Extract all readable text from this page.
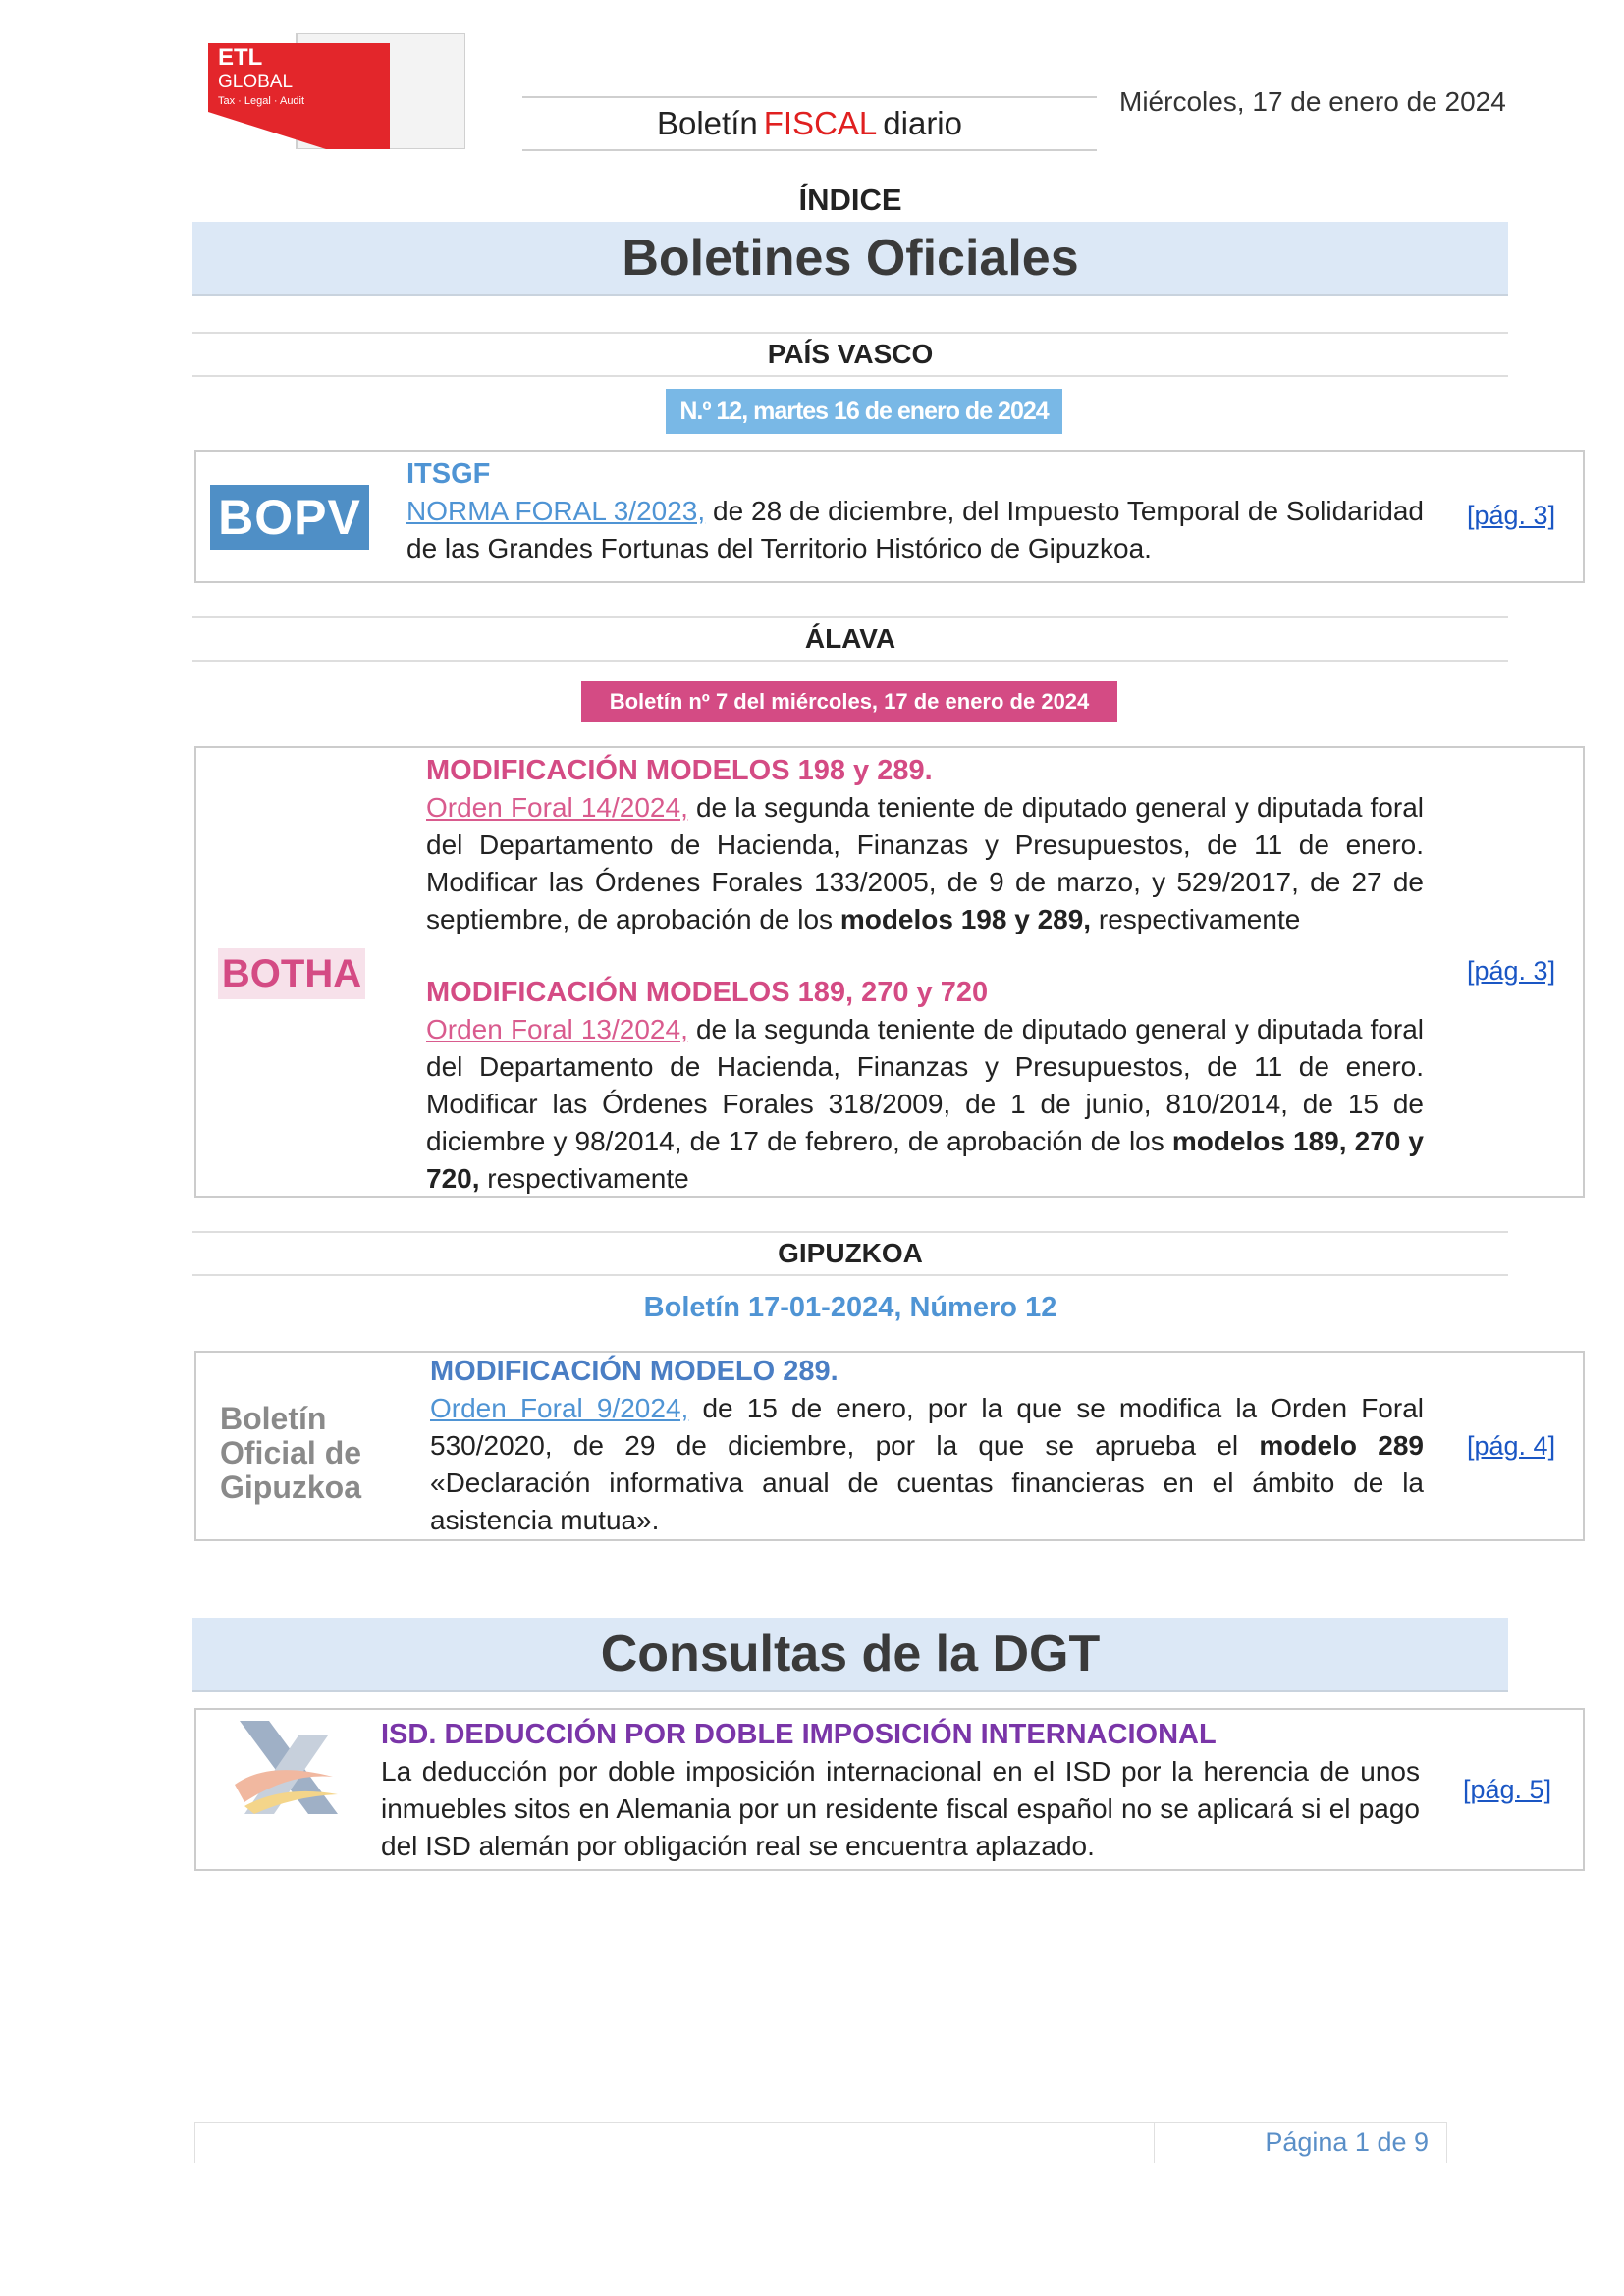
ETL
GLOBAL
Tax · Legal · Audit
Boletín FISCAL diario
Miércoles, 17 de enero de 2024
ÍNDICE
Boletines Oficiales
PAÍS VASCO
N.º 12, martes 16 de enero de 2024
BOPV
ITSGF
NORMA FORAL 3/2023, de 28 de diciembre, del Impuesto Temporal de Solidaridad de las Grandes Fortunas del Territorio Histórico de Gipuzkoa.
[pág. 3]
ÁLAVA
Boletín nº 7 del miércoles, 17 de enero de 2024
BOTHA
MODIFICACIÓN MODELOS 198 y 289.
Orden Foral 14/2024, de la segunda teniente de diputado general y diputada foral del Departamento de Hacienda, Finanzas y Presupuestos, de 11 de enero. Modificar las Órdenes Forales 133/2005, de 9 de marzo, y 529/2017, de 27 de septiembre, de aprobación de los modelos 198 y 289, respectivamente
MODIFICACIÓN MODELOS 189, 270 y 720
Orden Foral 13/2024, de la segunda teniente de diputado general y diputada foral del Departamento de Hacienda, Finanzas y Presupuestos, de 11 de enero. Modificar las Órdenes Forales 318/2009, de 1 de junio, 810/2014, de 15 de diciembre y 98/2014, de 17 de febrero, de aprobación de los modelos 189, 270 y 720, respectivamente
[pág. 3]
GIPUZKOA
Boletín 17-01-2024, Número 12
Boletín
Oficial de
Gipuzkoa
MODIFICACIÓN MODELO 289.
Orden Foral 9/2024, de 15 de enero, por la que se modifica la Orden Foral 530/2020, de 29 de diciembre, por la que se aprueba el modelo 289 «Declaración informativa anual de cuentas financieras en el ámbito de la asistencia mutua».
[pág. 4]
Consultas de la DGT
ISD. DEDUCCIÓN POR DOBLE IMPOSICIÓN INTERNACIONAL
La deducción por doble imposición internacional en el ISD por la herencia de unos inmuebles sitos en Alemania por un residente fiscal español no se aplicará si el pago del ISD alemán por obligación real se encuentra aplazado.
[pág. 5]
Página 1 de 9
